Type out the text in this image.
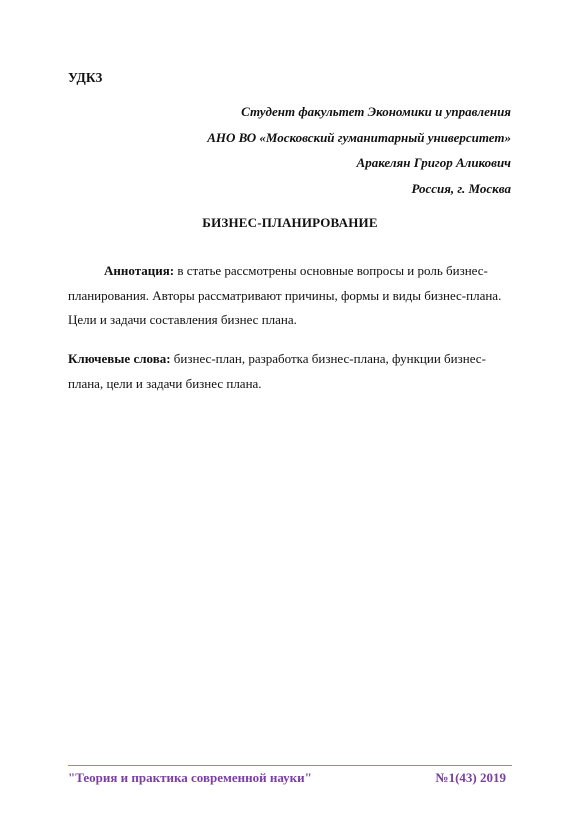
УДК3
Студент факультет Экономики и управления
АНО ВО «Московский гуманитарный университет»
Аракелян Григор Аликович
Россия, г. Москва
БИЗНЕС-ПЛАНИРОВАНИЕ
Аннотация: в статье рассмотрены основные вопросы и роль бизнес-планирования. Авторы рассматривают причины, формы и виды бизнес-плана. Цели и задачи составления бизнес плана.
Ключевые слова: бизнес-план, разработка бизнес-плана, функции бизнес-плана, цели и задачи бизнес плана.
"Теория и практика современной науки"	№1(43) 2019
